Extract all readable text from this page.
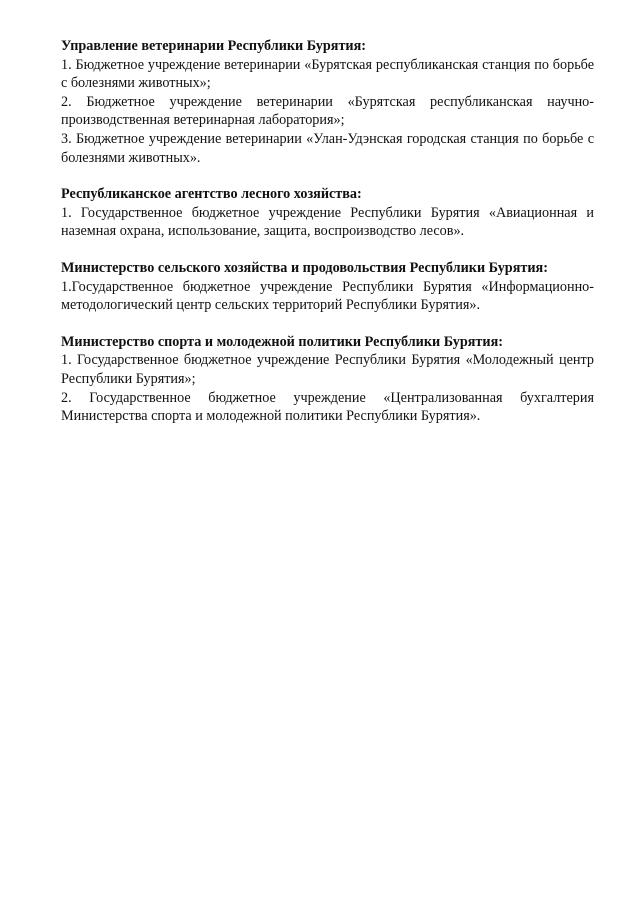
Управление ветеринарии Республики Бурятия:

1. Бюджетное учреждение ветеринарии «Бурятская республиканская станция по борьбе с болезнями животных»;

2. Бюджетное учреждение ветеринарии «Бурятская республиканская научно-производственная ветеринарная лаборатория»;

3. Бюджетное учреждение ветеринарии «Улан-Удэнская городская станция по борьбе с болезнями животных».

Республиканское агентство лесного хозяйства:

1. Государственное бюджетное учреждение Республики Бурятия «Авиационная и наземная охрана, использование, защита, воспроизводство лесов».

Министерство сельского хозяйства и продовольствия Республики Бурятия:

1.Государственное бюджетное учреждение Республики Бурятия «Информационно-методологический центр сельских территорий Республики Бурятия».

Министерство спорта и молодежной политики Республики Бурятия:

1. Государственное бюджетное учреждение Республики Бурятия «Молодежный центр Республики Бурятия»;

2. Государственное бюджетное учреждение «Централизованная бухгалтерия Министерства спорта и молодежной политики Республики Бурятия».
